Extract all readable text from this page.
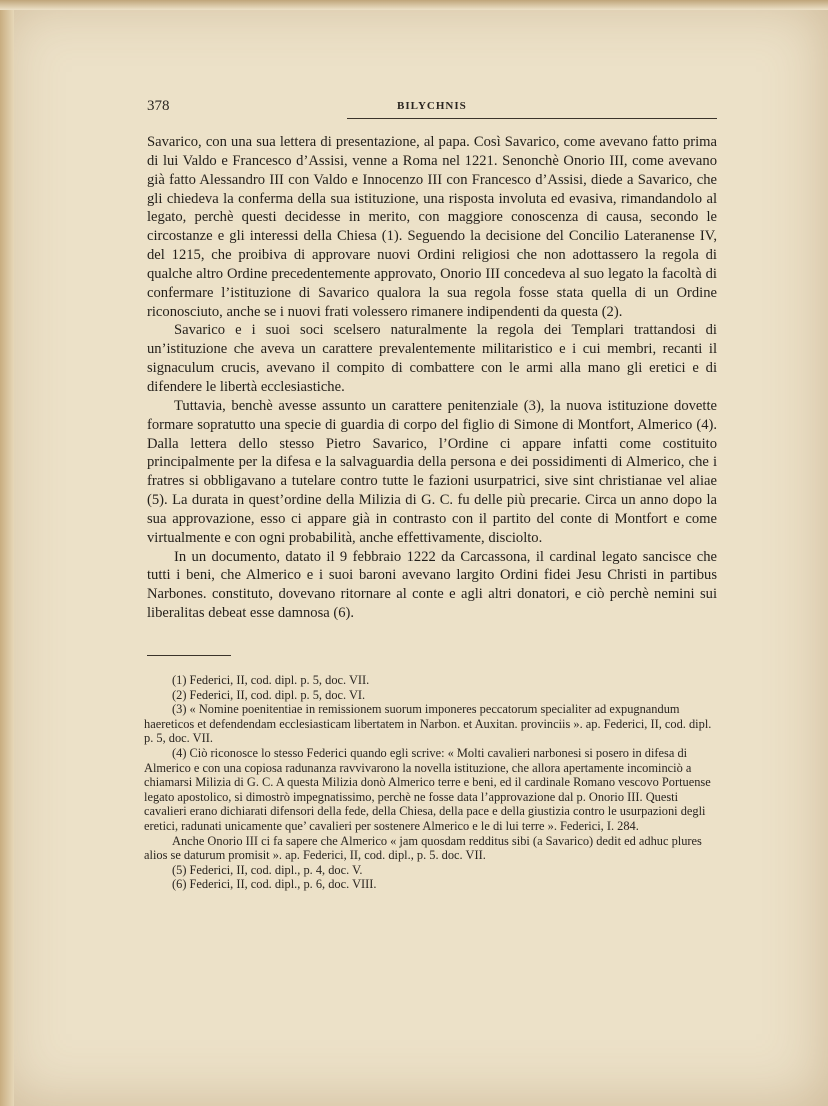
378	BILYCHNIS

Savarico, con una sua lettera di presentazione, al papa. Così Savarico, come avevano fatto prima di lui Valdo e Francesco d’Assisi, venne a Roma nel 1221. Senonchè Onorio III, come avevano già fatto Alessandro III con Valdo e Innocenzo III con Francesco d’Assisi, diede a Savarico, che gli chiedeva la conferma della sua istituzione, una risposta involuta ed evasiva, rimandandolo al legato, perchè questi decidesse in merito, con maggiore conoscenza di causa, secondo le circostanze e gli interessi della Chiesa (1). Seguendo la decisione del Concilio Lateranense IV, del 1215, che proibiva di approvare nuovi Ordini religiosi che non adottassero la regola di qualche altro Ordine precedentemente approvato, Onorio III concedeva al suo legato la facoltà di confermare l’istituzione di Savarico qualora la sua regola fosse stata quella di un Ordine riconosciuto, anche se i nuovi frati volessero rimanere indipendenti da questa (2).

Savarico e i suoi soci scelsero naturalmente la regola dei Templari trattandosi di un’istituzione che aveva un carattere prevalentemente militaristico e i cui membri, recanti il signaculum crucis, avevano il compito di combattere con le armi alla mano gli eretici e di difendere le libertà ecclesiastiche.

Tuttavia, benchè avesse assunto un carattere penitenziale (3), la nuova istituzione dovette formare sopratutto una specie di guardia di corpo del figlio di Simone di Montfort, Almerico (4). Dalla lettera dello stesso Pietro Savarico, l’Ordine ci appare infatti come costituito principalmente per la difesa e la salvaguardia della persona e dei possidimenti di Almerico, che i fratres si obbligavano a tutelare contro tutte le fazioni usurpatrici, sive sint christianae vel aliae (5). La durata in quest’ordine della Milizia di G. C. fu delle più precarie. Circa un anno dopo la sua approvazione, esso ci appare già in contrasto con il partito del conte di Montfort e come virtualmente e con ogni probabilità, anche effettivamente, disciolto.

In un documento, datato il 9 febbraio 1222 da Carcassona, il cardinal legato sancisce che tutti i beni, che Almerico e i suoi baroni avevano largito Ordini fidei Jesu Christi in partibus Narbones. constituto, dovevano ritornare al conte e agli altri donatori, e ciò perchè nemini sui liberalitas debeat esse damnosa (6).

(1) Federici, II, cod. dipl. p. 5, doc. VII.

(2) Federici, II, cod. dipl. p. 5, doc. VI.

(3) « Nomine poenitentiae in remissionem suorum imponeres peccatorum specialiter ad expugnandum haereticos et defendendam ecclesiasticam libertatem in Narbon. et Auxitan. provinciis ». ap. Federici, II, cod. dipl. p. 5, doc. VII.

(4) Ciò riconosce lo stesso Federici quando egli scrive: « Molti cavalieri narbonesi si posero in difesa di Almerico e con una copiosa radunanza ravvivarono la novella istituzione, che allora apertamente incominciò a chiamarsi Milizia di G. C. A questa Milizia donò Almerico terre e beni, ed il cardinale Romano vescovo Portuense legato apostolico, si dimostrò impegnatissimo, perchè ne fosse data l’approvazione dal p. Onorio III. Questi cavalieri erano dichiarati difensori della fede, della Chiesa, della pace e della giustizia contro le usurpazioni degli eretici, radunati unicamente que’ cavalieri per sostenere Almerico e le di lui terre ». Federici, I. 284.

Anche Onorio III ci fa sapere che Almerico « jam quosdam redditus sibi (a Savarico) dedit ed adhuc plures alios se daturum promisit ». ap. Federici, II, cod. dipl., p. 5. doc. VII.

(5) Federici, II, cod. dipl., p. 4, doc. V.

(6) Federici, II, cod. dipl., p. 6, doc. VIII.
